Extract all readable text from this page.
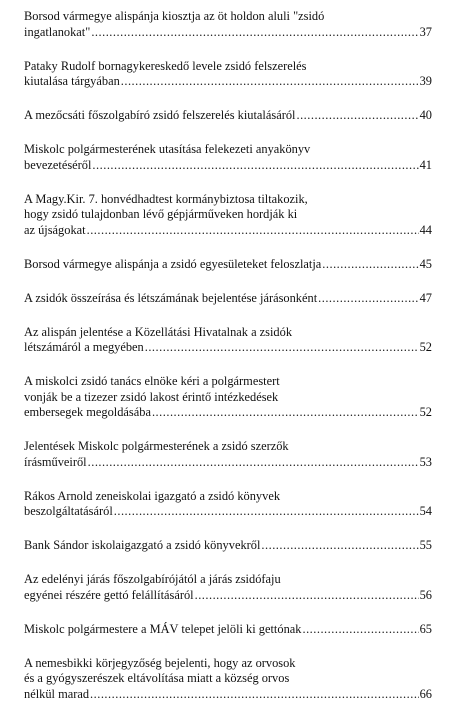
Borsod vármegye alispánja kiosztja az öt holdon aluli "zsidó
ingatlanokat" .....	37
Pataky Rudolf bornagykereskedő levele zsidó felszerelés
kiutalása tárgyában .....	39
A mezőcsáti főszolgabíró zsidó felszerelés kiutalásáról .....	40
Miskolc polgármesterének utasítása felekezeti anyakönyv
bevezetéséről .....	41
A Magy.Kir. 7. honvédhadtest kormánybiztosa tiltakozik,
hogy zsidó tulajdonban lévő gépjárműveken hordják ki
az újságokat .....	44
Borsod vármegye alispánja a zsidó egyesületeket feloszlatja .....	45
A zsidók összeírása és létszámának bejelentése járásonként .....	47
Az alispán jelentése a Közellátási Hivatalnak a zsidók
létszámáról a megyében .....	52
A miskolci zsidó tanács elnöke kéri a polgármestert
vonják be a tizezer zsidó lakost érintő intézkedések
embersegek megoldásába .....	52
Jelentések Miskolc polgármesterének a zsidó szerzők
írásműveiről .....	53
Rákos Arnold zeneiskolai igazgató a zsidó könyvek
beszolgáltatásáról .....	54
Bank Sándor iskolaigazgató a zsidó könyvekről .....	55
Az edelényi járás főszolgabírójától a járás zsidófaju
egyénei részére gettó felállításáról .....	56
Miskolc polgármestere a MÁV telepet jelöli ki gettónak .....	65
A nemesbikki körjegyzőség bejelenti, hogy az orvosok
és a gyógyszerészek eltávolítása miatt a község orvos
nélkül marad .....	66
